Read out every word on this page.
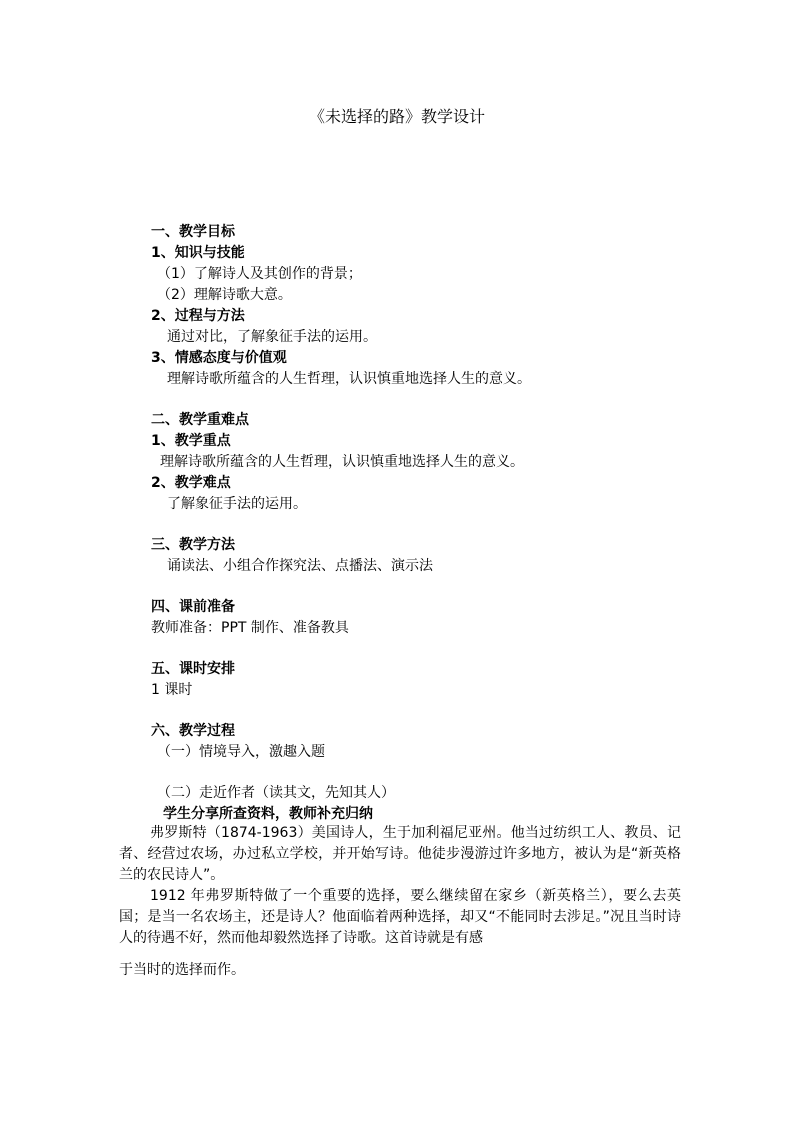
《未选择的路》教学设计
一、教学目标
1、知识与技能
（1）了解诗人及其创作的背景；
（2）理解诗歌大意。
2、过程与方法
通过对比，了解象征手法的运用。
3、情感态度与价值观
理解诗歌所蕴含的人生哲理，认识慎重地选择人生的意义。
二、教学重难点
1、教学重点
理解诗歌所蕴含的人生哲理，认识慎重地选择人生的意义。
2、教学难点
了解象征手法的运用。
三、教学方法
诵读法、小组合作探究法、点播法、演示法
四、课前准备
教师准备：PPT 制作、准备教具
五、课时安排
1 课时
六、教学过程
（一）情境导入，激趣入题
（二）走近作者（读其文，先知其人）
学生分享所查资料，教师补充归纳

弗罗斯特（1874-1963）美国诗人，生于加利福尼亚州。他当过纺织工人、教员、记者、经营过农场，办过私立学校，并开始写诗。他徒步漫游过许多地方，被认为是“新英格兰的农民诗人”。

1912 年弗罗斯特做了一个重要的选择，要么继续留在家乡（新英格兰），要么去英国；是当一名农场主，还是诗人？他面临着两种选择，却又“不能同时去涉足。”况且当时诗人的待遇不好，然而他却毅然选择了诗歌。这首诗就是有感

于当时的选择而作。
